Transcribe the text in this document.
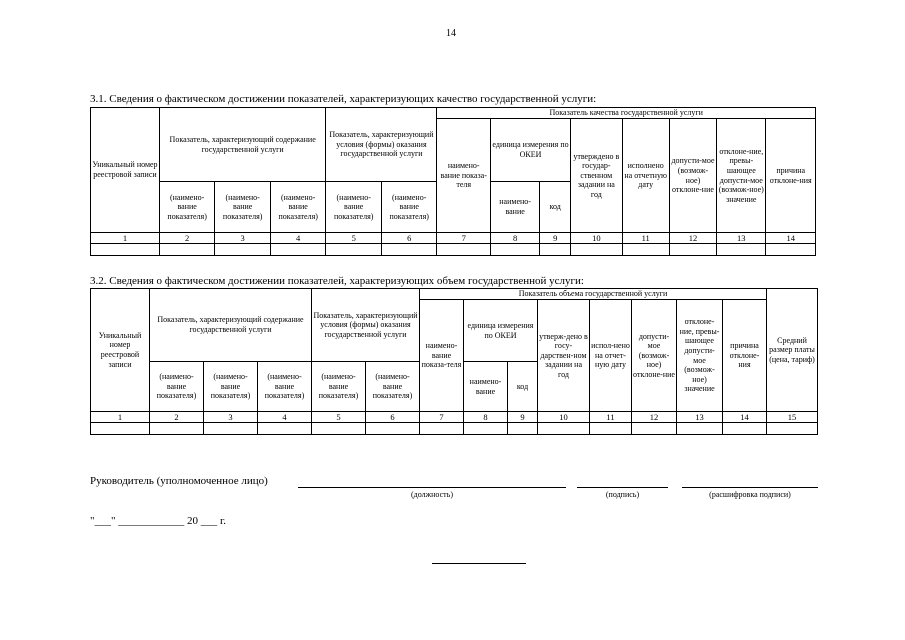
14
3.1. Сведения о фактическом достижении показателей, характеризующих качество государственной услуги:
Уникальный номер реестровой записи	Показатель, характеризующий содержание государственной услуги			Показатель, характеризующий условия (формы) оказания государственной услуги		Показатель качества государственной услуги							
						наимено-вание показа-теля	единица измерения по ОКЕИ		утверждено в государ-ственном задании на год	исполнено на отчетную дату	допусти-мое (возмож-ное) отклоне-ние	отклоне-ние, превы-шающее допусти-мое (возмож-ное) значение	причина отклоне-ния
	(наимено-вание показателя)	(наимено-вание показателя)	(наимено-вание показателя)	(наимено-вание показателя)	(наимено-вание показателя)		наимено-вание	код					
1	2	3	4	5	6	7	8	9	10	11	12	13	14

3.2. Сведения о фактическом достижении показателей, характеризующих объем государственной услуги:
Уникальный номер реестровой записи	Показатель, характеризующий содержание государственной услуги			Показатель, характеризующий условия (формы) оказания государственной услуги		Показатель объема государственной услуги								Средний размер платы (цена, тариф)
						наимено-вание показа-теля	единица измерения по ОКЕИ		утверж-дено в госу-дарствен-ном задании на год	испол-нено на отчет-ную дату	допусти-мое (возмож-ное) отклоне-ние	отклоне-ние, превы-шающее допусти-мое (возмож-ное) значение	причина отклоне-ния	
	(наимено-вание показателя)	(наимено-вание показателя)	(наимено-вание показателя)	(наимено-вание показателя)	(наимено-вание показателя)		наимено-вание	код						
1	2	3	4	5	6	7	8	9	10	11	12	13	14	15

Руководитель (уполномоченное лицо)
(должность)	(подпись)	(расшифровка подписи)
"___" ____________ 20 ___ г.
